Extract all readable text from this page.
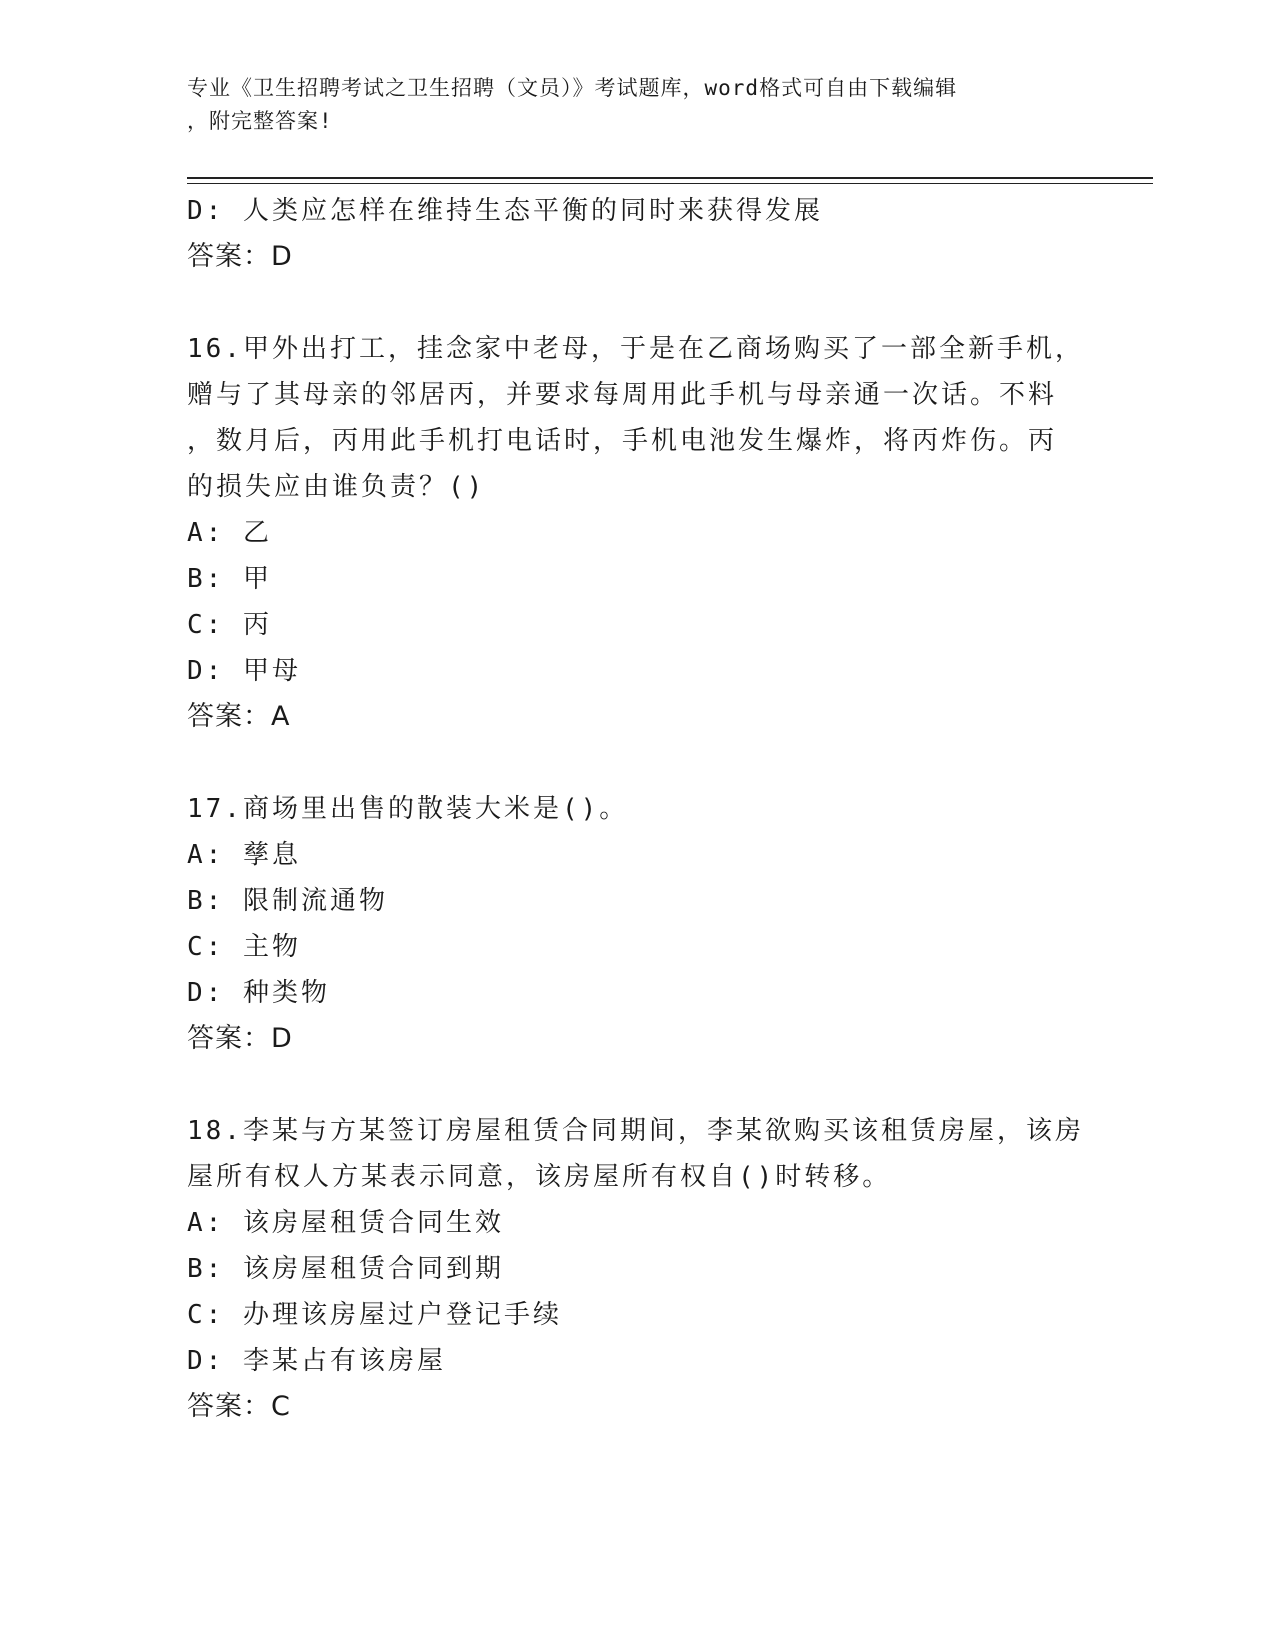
专业《卫生招聘考试之卫生招聘（文员）》考试题库，word格式可自由下载编辑
，附完整答案!
D: 人类应怎样在维持生态平衡的同时来获得发展
答案：D
16.甲外出打工，挂念家中老母，于是在乙商场购买了一部全新手机，
赠与了其母亲的邻居丙，并要求每周用此手机与母亲通一次话。不料
，数月后，丙用此手机打电话时，手机电池发生爆炸，将丙炸伤。丙
的损失应由谁负责？()
A: 乙
B: 甲
C: 丙
D: 甲母
答案：A
17.商场里出售的散装大米是()。
A: 孳息
B: 限制流通物
C: 主物
D: 种类物
答案：D
18.李某与方某签订房屋租赁合同期间，李某欲购买该租赁房屋，该房
屋所有权人方某表示同意，该房屋所有权自()时转移。
A: 该房屋租赁合同生效
B: 该房屋租赁合同到期
C: 办理该房屋过户登记手续
D: 李某占有该房屋
答案：C
